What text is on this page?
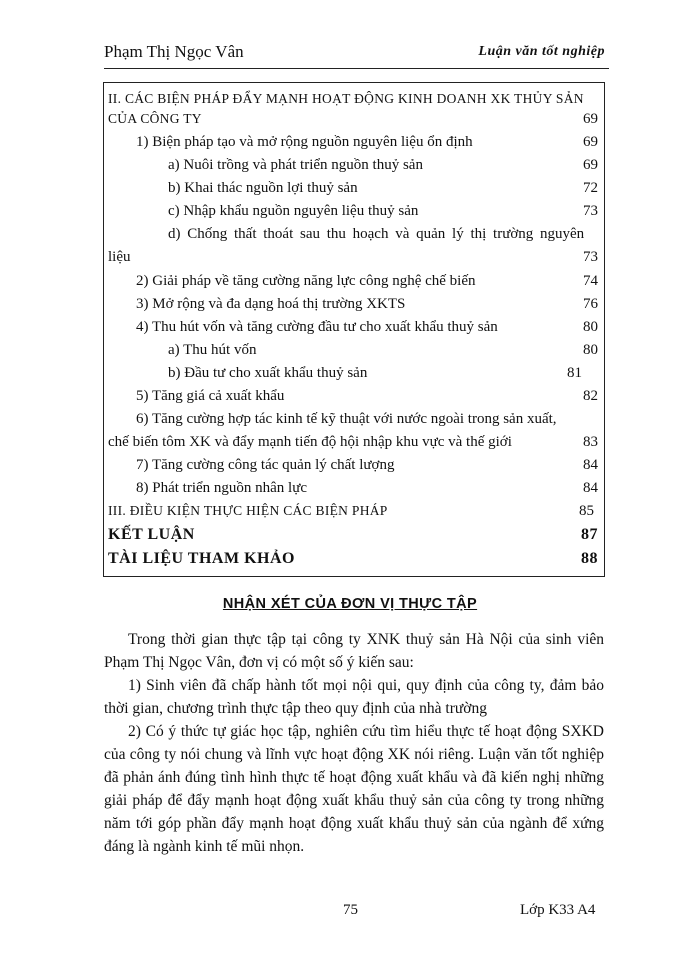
Phạm Thị Ngọc Vân	Luận văn tốt nghiệp
II. CÁC BIỆN PHÁP ĐẨY MẠNH HOẠT ĐỘNG KINH DOANH XK THỦY SẢN
CỦA CÔNG TY	69
1) Biện pháp tạo và mở rộng nguồn nguyên liệu ổn định	69
a) Nuôi trồng và phát triển nguồn thuỷ sản	69
b) Khai thác nguồn lợi thuỷ sản	72
c) Nhập khẩu nguồn nguyên liệu thuỷ sản	73
d) Chống thất thoát sau thu hoạch và quản lý thị trường nguyên
liệu	73
2) Giải pháp về tăng cường năng lực công nghệ chế biến	74
3) Mở rộng và đa dạng hoá thị trường XKTS	76
4) Thu hút vốn và tăng cường đầu tư cho xuất khẩu thuỷ sản	80
a) Thu hút vốn	80
b) Đầu tư cho xuất khẩu thuỷ sản	81
5) Tăng giá cả xuất khẩu	82
6) Tăng cường hợp tác kinh tế kỹ thuật với nước ngoài trong sản xuất,
chế biến tôm XK và đẩy mạnh tiến độ hội nhập khu vực và thế giới	83
7) Tăng cường công tác quản lý chất lượng	84
8) Phát triển nguồn nhân lực	84
III. ĐIỀU KIỆN THỰC HIỆN CÁC BIỆN PHÁP	85
KẾT LUẬN	87
TÀI LIỆU THAM KHẢO	88
NHẬN XÉT CỦA ĐƠN VỊ THỰC TẬP

Trong thời gian thực tập tại công ty XNK thuỷ sản Hà Nội của sinh viên Phạm Thị Ngọc Vân, đơn vị có một số ý kiến sau:

1) Sinh viên đã chấp hành tốt mọi nội qui, quy định của công ty, đảm bảo thời gian, chương trình thực tập theo quy định của nhà trường

2) Có ý thức tự giác học tập, nghiên cứu tìm hiểu thực tế hoạt động SXKD của công ty nói chung và lĩnh vực hoạt động XK nói riêng. Luận văn tốt nghiệp đã phản ánh đúng tình hình thực tế hoạt động xuất khẩu và đã kiến nghị những giải pháp để đẩy mạnh hoạt động xuất khẩu thuỷ sản của công ty trong những năm tới góp phần đẩy mạnh hoạt động xuất khẩu thuỷ sản của ngành để xứng đáng là ngành kinh tế mũi nhọn.

75	Lớp K33 A4
